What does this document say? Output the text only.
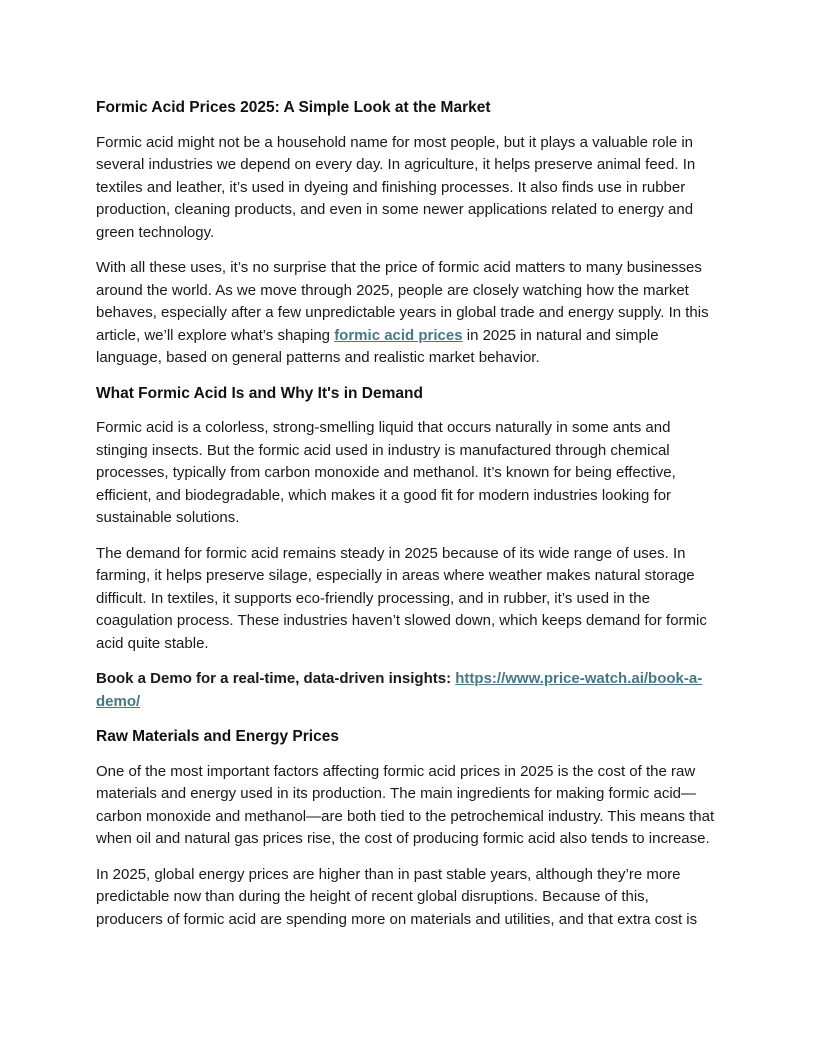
Formic Acid Prices 2025: A Simple Look at the Market

Formic acid might not be a household name for most people, but it plays a valuable role in several industries we depend on every day. In agriculture, it helps preserve animal feed. In textiles and leather, it’s used in dyeing and finishing processes. It also finds use in rubber production, cleaning products, and even in some newer applications related to energy and green technology.

With all these uses, it’s no surprise that the price of formic acid matters to many businesses around the world. As we move through 2025, people are closely watching how the market behaves, especially after a few unpredictable years in global trade and energy supply. In this article, we’ll explore what’s shaping formic acid prices in 2025 in natural and simple language, based on general patterns and realistic market behavior.

What Formic Acid Is and Why It's in Demand

Formic acid is a colorless, strong-smelling liquid that occurs naturally in some ants and stinging insects. But the formic acid used in industry is manufactured through chemical processes, typically from carbon monoxide and methanol. It’s known for being effective, efficient, and biodegradable, which makes it a good fit for modern industries looking for sustainable solutions.

The demand for formic acid remains steady in 2025 because of its wide range of uses. In farming, it helps preserve silage, especially in areas where weather makes natural storage difficult. In textiles, it supports eco-friendly processing, and in rubber, it’s used in the coagulation process. These industries haven’t slowed down, which keeps demand for formic acid quite stable.

Book a Demo for a real-time, data-driven insights: https://www.price-watch.ai/book-a-demo/

Raw Materials and Energy Prices

One of the most important factors affecting formic acid prices in 2025 is the cost of the raw materials and energy used in its production. The main ingredients for making formic acid—carbon monoxide and methanol—are both tied to the petrochemical industry. This means that when oil and natural gas prices rise, the cost of producing formic acid also tends to increase.

In 2025, global energy prices are higher than in past stable years, although they’re more predictable now than during the height of recent global disruptions. Because of this, producers of formic acid are spending more on materials and utilities, and that extra cost is
